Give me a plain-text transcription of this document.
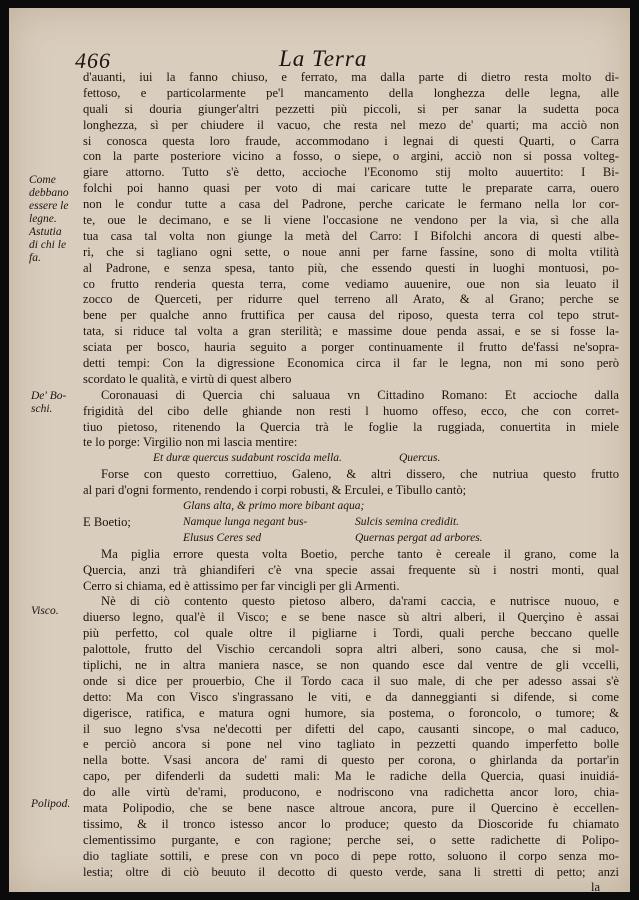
466	La Terra
Come
debbano
essere le
legne.
Astutia
di chi le
fa.
De' Bo-
schi.
Visco.
Polipod.
d'auanti, iui la fanno chiuso, e ferrato, ma dalla parte di dietro resta molto di-
fettoso, e particolarmente pe'l mancamento della longhezza delle legna, alle
quali si douria giunger'altri pezzetti più piccoli, si per sanar la sudetta poca
longhezza, sì per chiudere il vacuo, che resta nel mezo de' quarti; ma acciò non
si conosca questa loro fraude, accommodano i legnai di questi Quarti, o Carra
con la parte posteriore vicino a fosso, o siepe, o argini, acciò non si possa volteg-
giare attorno. Tutto s'è detto, accioche l'Economo stij molto auuertito: I Bi-
folchi poi hanno quasi per voto di mai caricare tutte le preparate carra, ouero
non le condur tutte a casa del Padrone, perche caricate le fermano nella lor cor-
te, oue le decimano, e se li viene l'occasione ne vendono per la via, sì che alla
tua casa tal volta non giunge la metà del Carro: I Bifolchi ancora di questi albe-
ri, che si tagliano ogni sette, o noue anni per farne fassine, sono di molta vtilità
al Padrone, e senza spesa, tanto più, che essendo questi in luoghi montuosi, po-
co frutto renderia questa terra, come vediamo auuenire, oue non sia leuato il
zocco de Querceti, per ridurre quel terreno all Arato, & al Grano; perche se
bene per qualche anno fruttifica per causa del riposo, questa terra col tepo strut-
tata, si riduce tal volta a gran sterilità; e massime doue penda assai, e se si fosse la-
sciata per bosco, hauria seguito a porger continuamente il frutto de'fassi ne'sopra-
detti tempi: Con la digressione Economica circa il far le legna, non mi sono però
scordato le qualità, e virtù di quest albero
Coronauasi di Quercia chi saluaua vn Cittadino Romano: Et accioche dalla
frigidità del cibo delle ghiande non resti l huomo offeso, ecco, che con corret-
tiuo pietoso, ritenendo la Quercia trà le foglie la ruggiada, conuertita in miele
te lo porge: Virgilio non mi lascia mentire:
Et duræ quercus sudabunt roscida mella.	Quercus.
Forse con questo correttiuo, Galeno, & altri dissero, che nutriua questo frutto
al pari d'ogni formento, rendendo i corpi robusti, & Erculei, e Tibullo cantò;
Glans alta, & primo more bibant aqua;
E Boetio;	Namque lunga negant bus-	Sulcis semina credidit.
Elusus Ceres sed	Quernas pergat ad arbores.
Ma piglia errore questa volta Boetio, perche tanto è cereale il grano, come la
Quercia, anzi trà ghiandiferi c'è vna specie assai frequente sù i nostri monti, qual
Cerro si chiama, ed è attissimo per far vincigli per gli Armenti.
Nè di ciò contento questo pietoso albero, da'rami caccia, e nutrisce nuouo, e
diuerso legno, qual'è il Visco; e se bene nasce sù altri alberi, il Querçino è assai
più perfetto, col quale oltre il pigliarne i Tordi, quali perche beccano quelle
palottole, frutto del Vischio cercandoli sopra altri alberi, sono causa, che si mol-
tiplichi, ne in altra maniera nasce, se non quando esce dal ventre de gli vccelli,
onde si dice per prouerbio, Che il Tordo caca il suo male, di che per adesso assai s'è
detto: Ma con Visco s'ingrassano le viti, e da danneggianti si difende, si come
digerisce, ratifica, e matura ogni humore, sia postema, o foroncolo, o tumore; &
il suo legno s'vsa ne'decotti per difetti del capo, causanti sincope, o mal caduco,
e perciò ancora si pone nel vino tagliato in pezzetti quando imperfetto bolle
nella botte. Vsasi ancora de' rami di questo per corona, o ghirlanda da portar'in
capo, per difenderli da sudetti mali: Ma le radiche della Quercia, quasi inuidiá-
do alle virtù de'rami, producono, e nodriscono vna radichetta ancor loro, chia-
mata Polipodio, che se bene nasce altroue ancora, pure il Quercino è eccellen-
tissimo, & il tronco istesso ancor lo produce; questo da Dioscoride fu chiamato
clementissimo purgante, e con ragione; perche sei, o sette radichette di Polipo-
dio tagliate sottili, e prese con vn poco di pepe rotto, soluono il corpo senza mo-
lestia; oltre di ciò beuuto il decotto di questo verde, sana li stretti di petto; anzi
la
